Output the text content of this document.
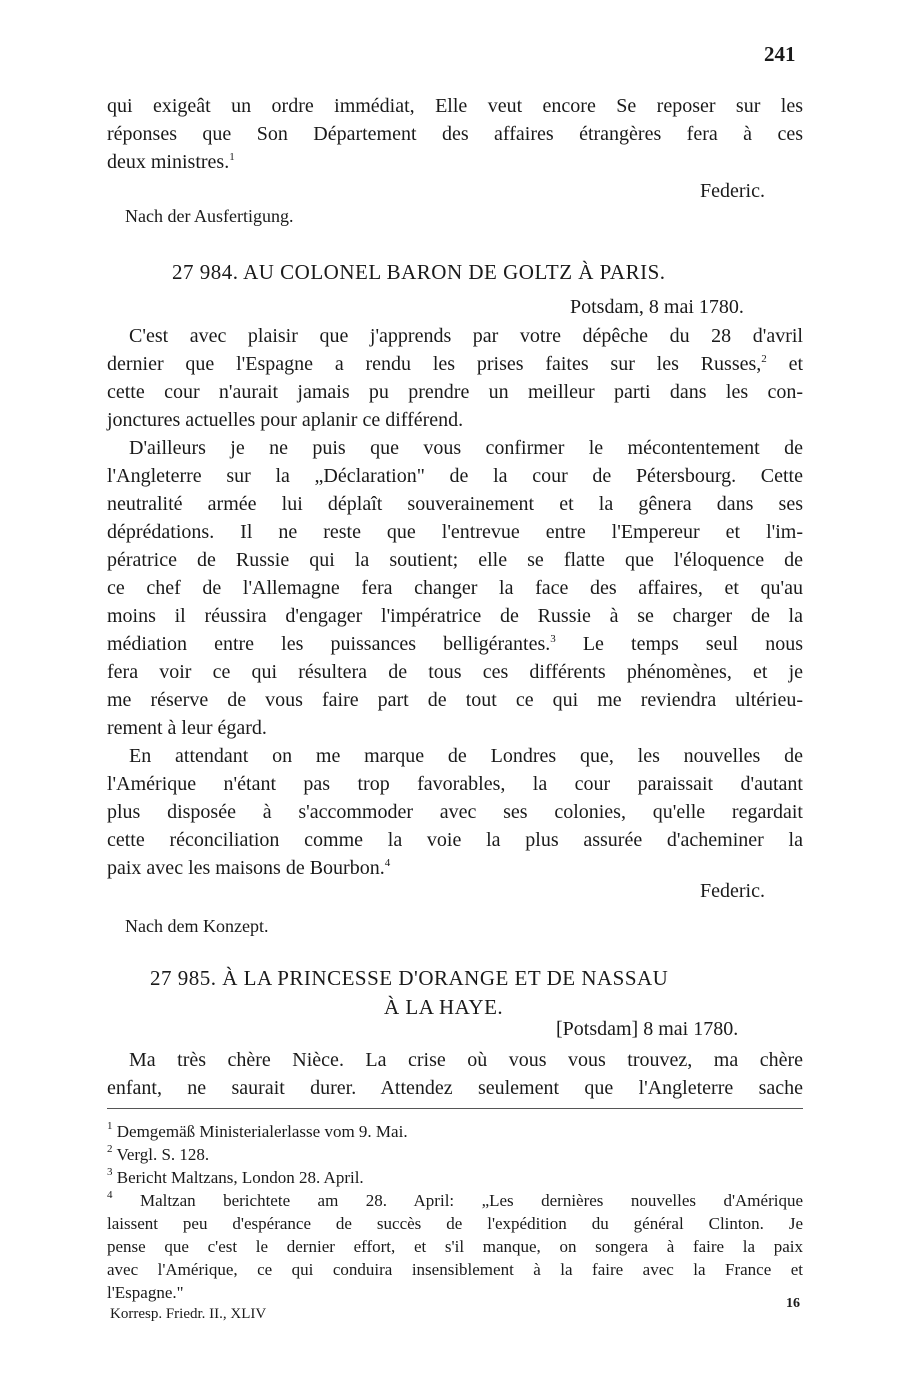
241
qui exigeât un ordre immédiat, Elle veut encore Se reposer sur les
réponses que Son Département des affaires étrangères fera à ces
deux ministres.$^1$
Federic.
Nach der Ausfertigung.
27 984. AU COLONEL BARON DE GOLTZ À PARIS.
Potsdam, 8 mai 1780.
C'est avec plaisir que j'apprends par votre dépêche du 28 d'avril
dernier que l'Espagne a rendu les prises faites sur les Russes,$^2$ et
cette cour n'aurait jamais pu prendre un meilleur parti dans les con-
jonctures actuelles pour aplanir ce différend.
D'ailleurs je ne puis que vous confirmer le mécontentement de
l'Angleterre sur la „Déclaration" de la cour de Pétersbourg. Cette
neutralité armée lui déplaît souverainement et la gênera dans ses
déprédations. Il ne reste que l'entrevue entre l'Empereur et l'im-
pératrice de Russie qui la soutient; elle se flatte que l'éloquence de
ce chef de l'Allemagne fera changer la face des affaires, et qu'au
moins il réussira d'engager l'impératrice de Russie à se charger de la
médiation entre les puissances belligérantes.$^3$ Le temps seul nous
fera voir ce qui résultera de tous ces différents phénomènes, et je
me réserve de vous faire part de tout ce qui me reviendra ultérieu-
rement à leur égard.
En attendant on me marque de Londres que, les nouvelles de
l'Amérique n'étant pas trop favorables, la cour paraissait d'autant
plus disposée à s'accommoder avec ses colonies, qu'elle regardait
cette réconciliation comme la voie la plus assurée d'acheminer la
paix avec les maisons de Bourbon.$^4$
Federic.
Nach dem Konzept.
27 985. À LA PRINCESSE D'ORANGE ET DE NASSAU
À LA HAYE.
[Potsdam] 8 mai 1780.
Ma très chère Nièce. La crise où vous vous trouvez, ma chère
enfant, ne saurait durer. Attendez seulement que l'Angleterre sache
$^1$ Demgemäß Ministerialerlasse vom 9. Mai.
$^2$ Vergl. S. 128.
$^3$ Bericht Maltzans, London 28. April.
$^4$ Maltzan berichtete am 28. April: „Les dernières nouvelles d'Amérique
laissent peu d'espérance de succès de l'expédition du général Clinton. Je
pense que c'est le dernier effort, et s'il manque, on songera à faire la paix
avec l'Amérique, ce qui conduira insensiblement à la faire avec la France et
l'Espagne."
16
Korresp. Friedr. II., XLIV
